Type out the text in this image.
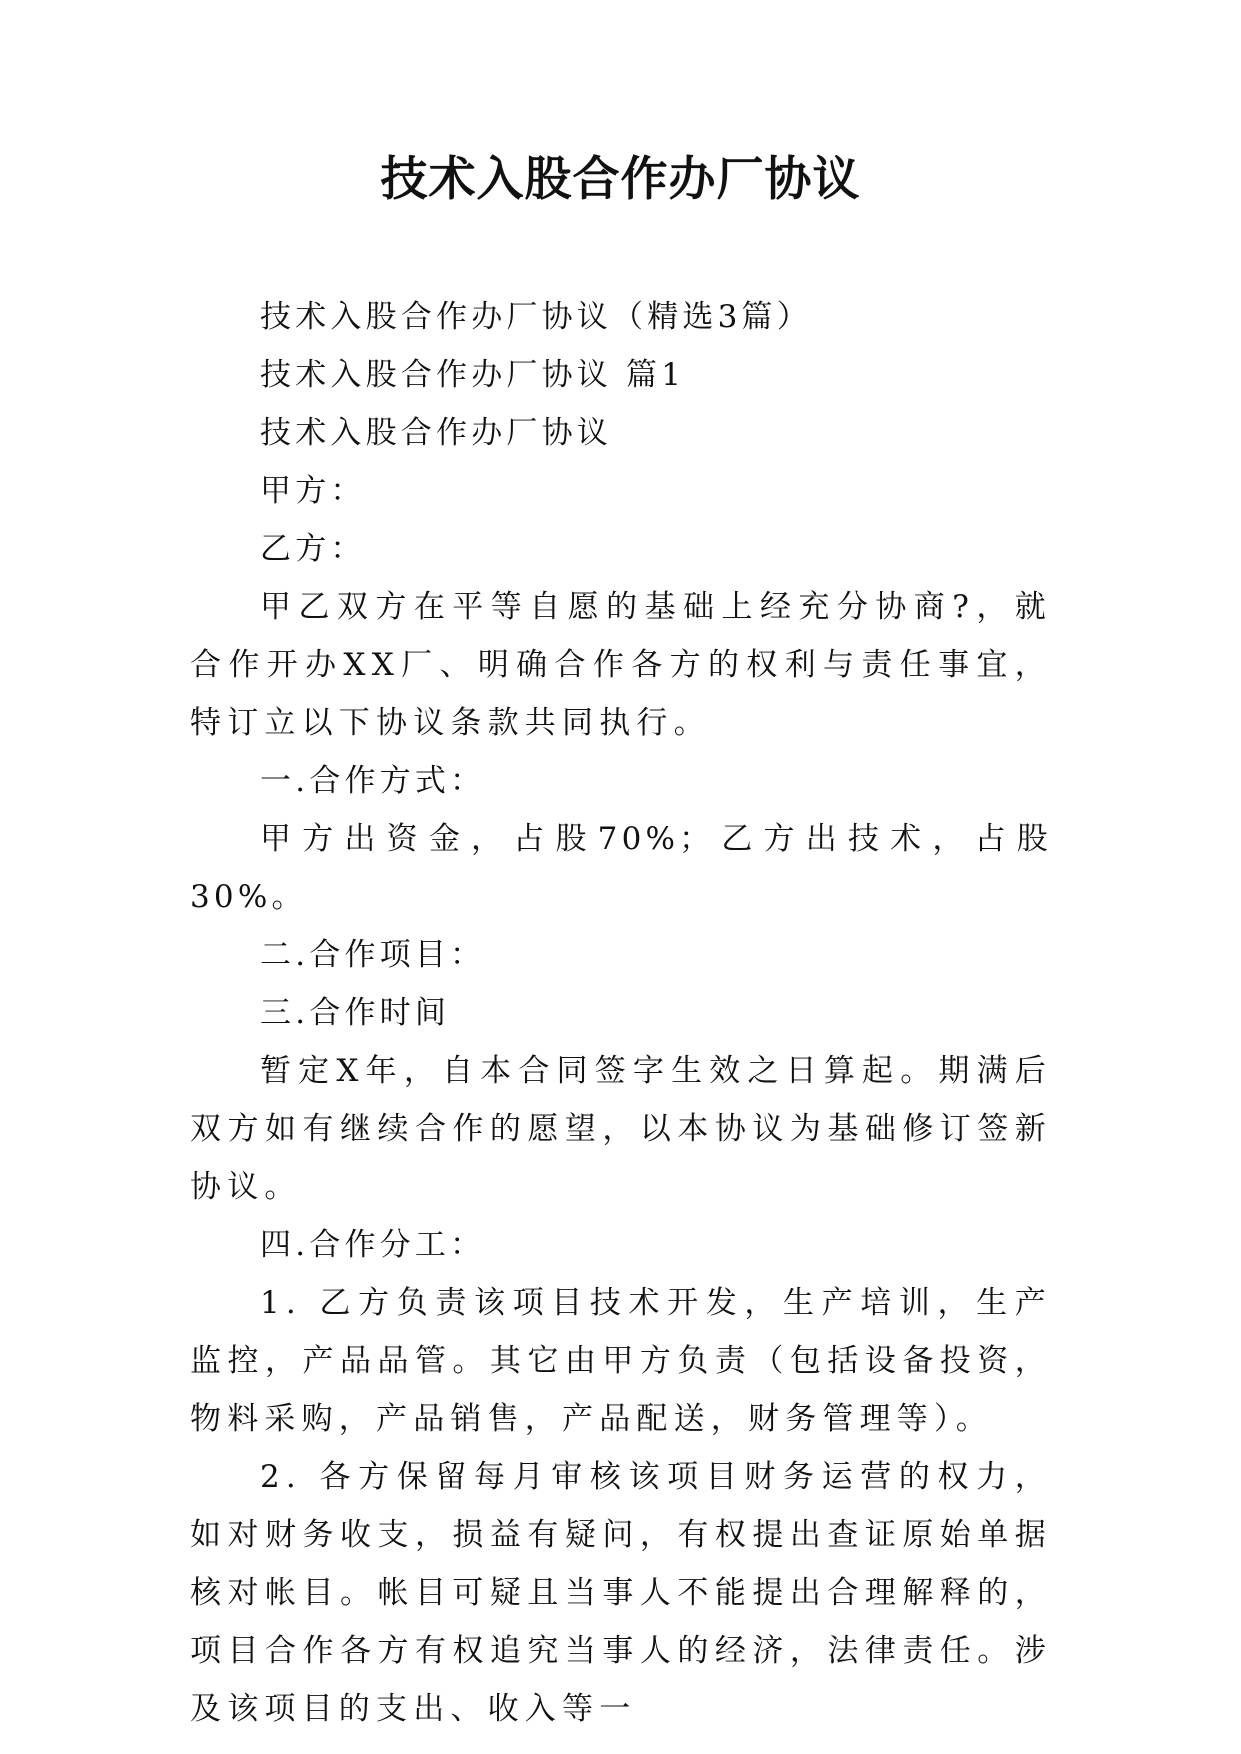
技术入股合作办厂协议

技术入股合作办厂协议（精选3篇）

技术入股合作办厂协议 篇1

技术入股合作办厂协议

甲方：

乙方：

甲乙双方在平等自愿的基础上经充分协商?，就合作开办XX厂、明确合作各方的权利与责任事宜，特订立以下协议条款共同执行。

一.合作方式：

甲方出资金，占股70%；乙方出技术，占股30%。

二.合作项目：

三.合作时间

暂定X年，自本合同签字生效之日算起。期满后双方如有继续合作的愿望，以本协议为基础修订签新协议。

四.合作分工：

1. 乙方负责该项目技术开发，生产培训，生产监控，产品品管。其它由甲方负责（包括设备投资，物料采购，产品销售，产品配送，财务管理等）。

2. 各方保留每月审核该项目财务运营的权力，如对财务收支，损益有疑问，有权提出查证原始单据核对帐目。帐目可疑且当事人不能提出合理解释的，项目合作各方有权追究当事人的经济，法律责任。涉及该项目的支出、收入等一
